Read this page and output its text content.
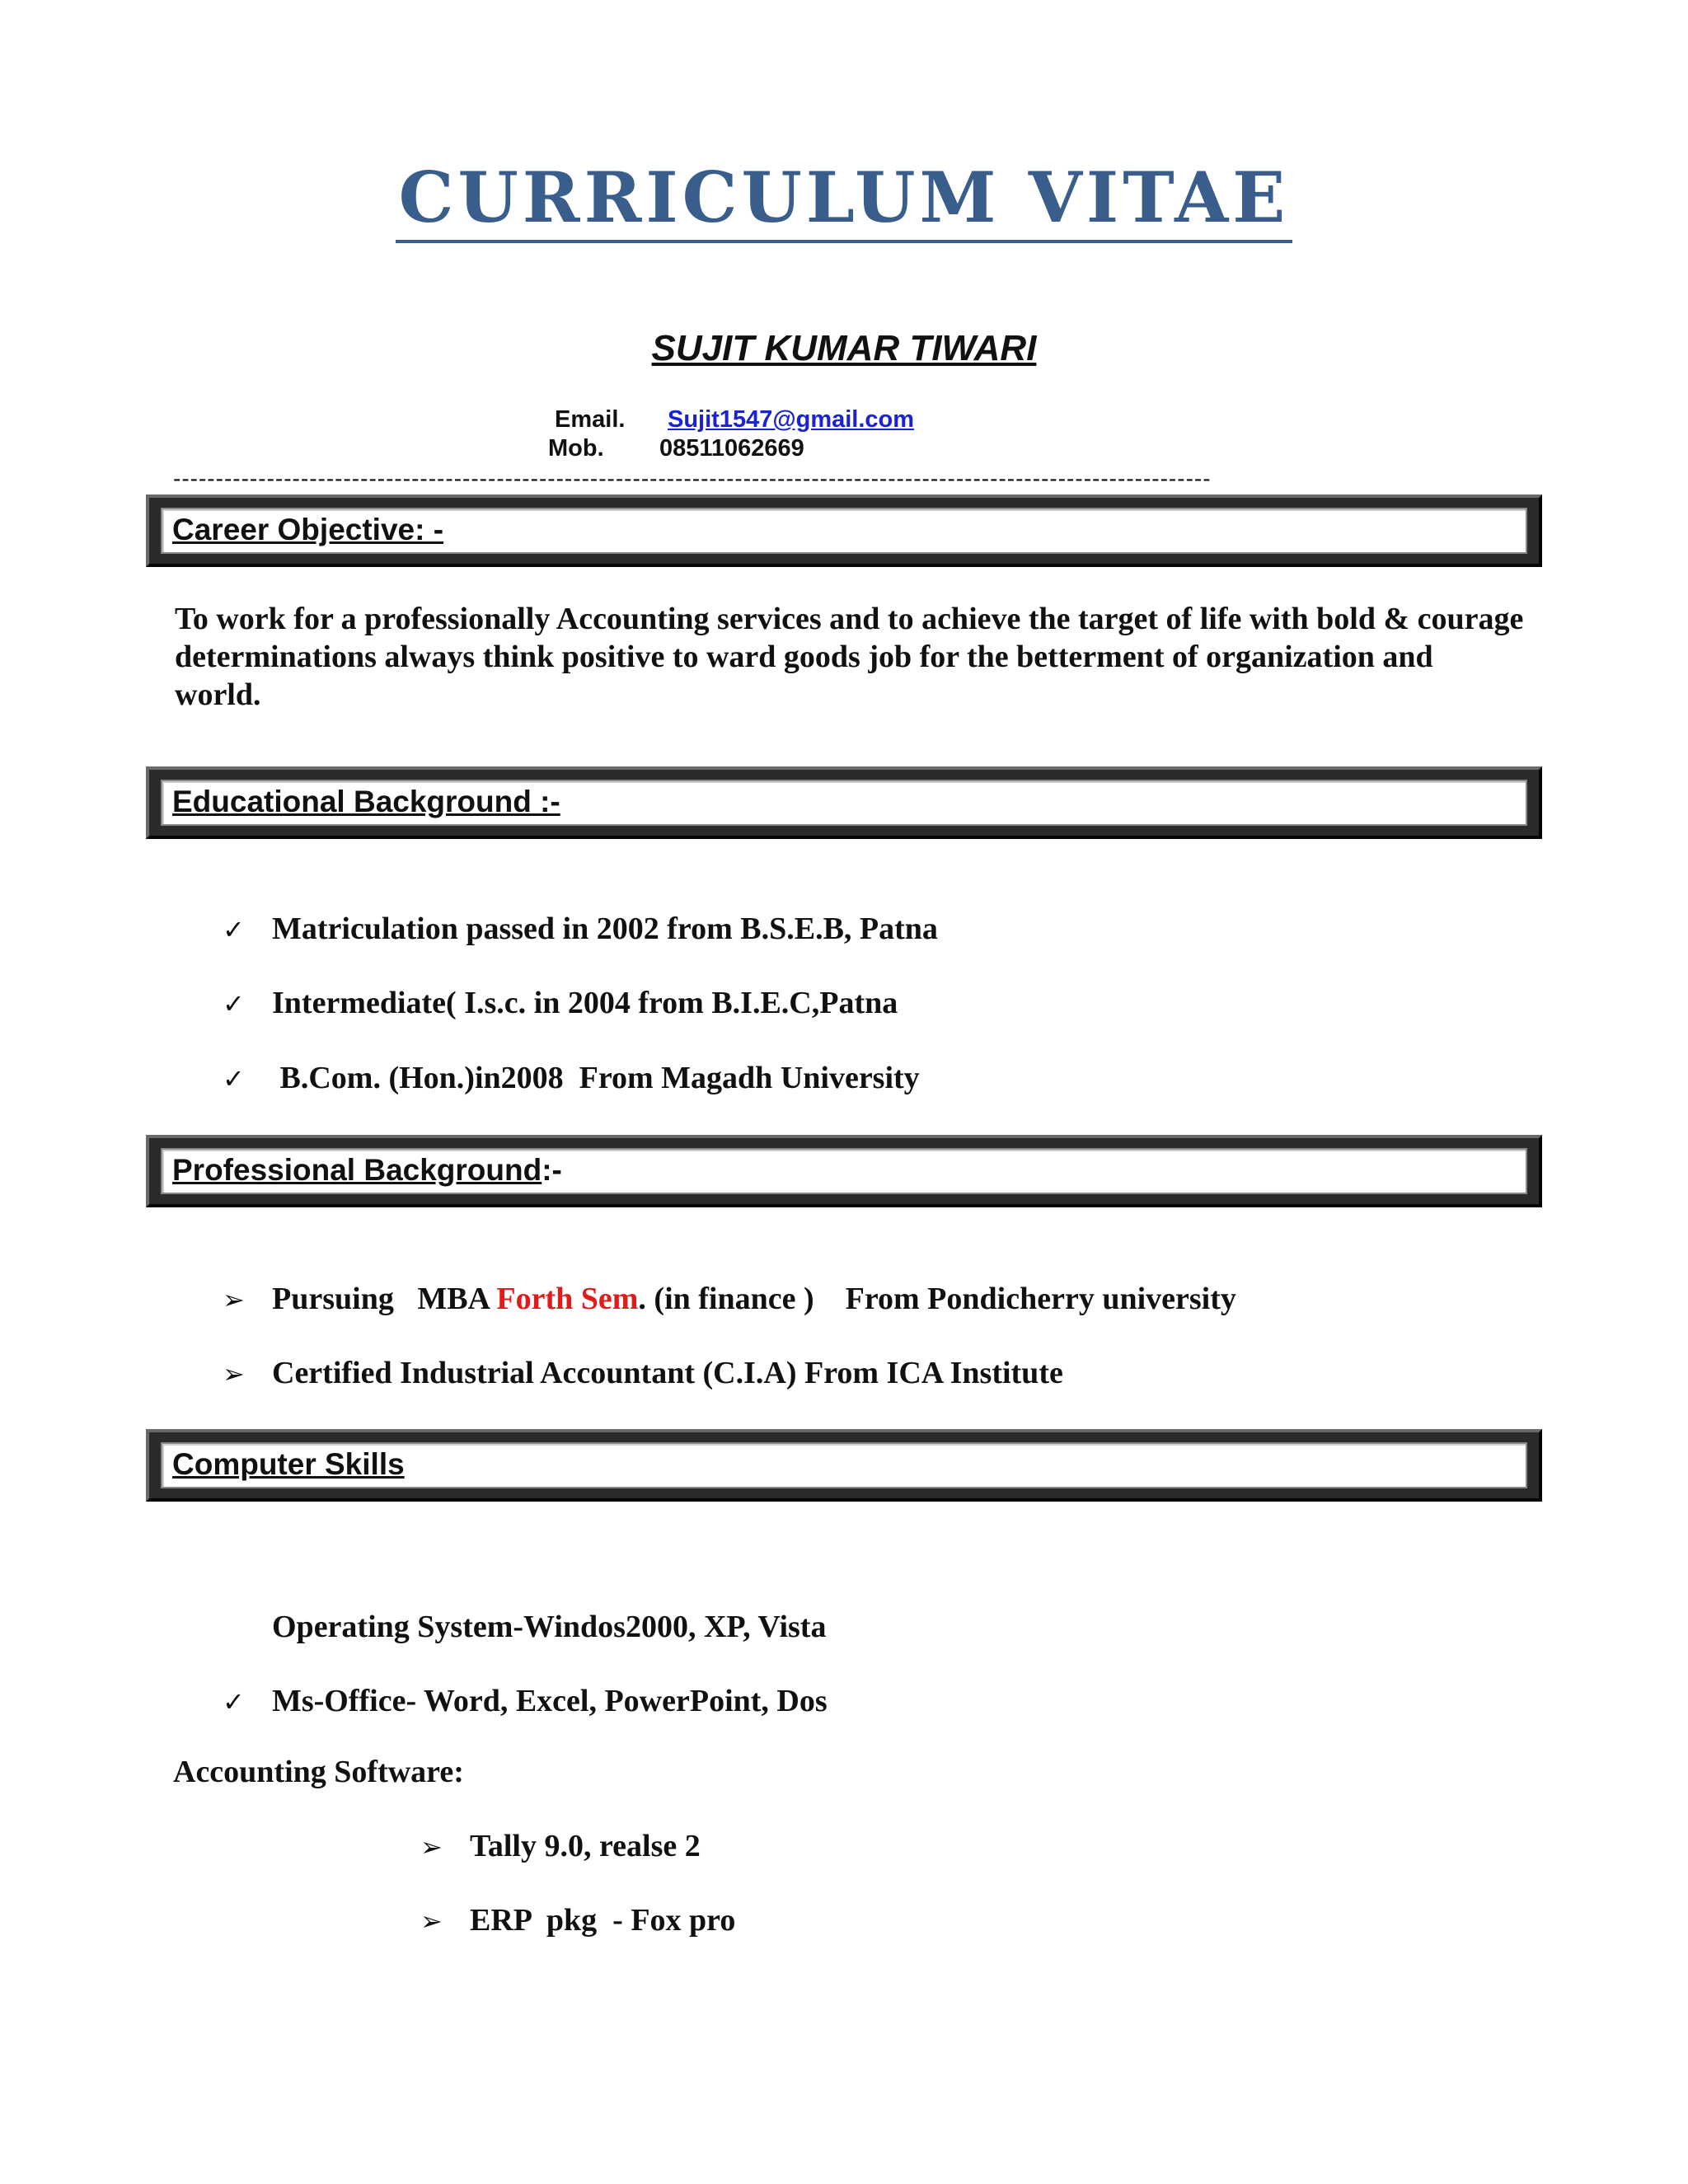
CURRICULUM VITAE
SUJIT KUMAR TIWARI
Email. Sujit1547@gmail.com
Mob. 08511062669
--------------------------------------------------------------------------------------------------------------------------
Career Objective: -
To work for a professionally Accounting services and to achieve the target of life with bold & courage determinations always think positive to ward goods job for the betterment of organization and world.
Educational Background :-
✓ Matriculation passed in 2002 from B.S.E.B, Patna
✓ Intermediate( I.s.c. in 2004 from B.I.E.C,Patna
✓ B.Com. (Hon.)in2008  From Magadh University
Professional Background:-
➢ Pursuing   MBA Forth Sem. (in finance )    From Pondicherry university
➢ Certified Industrial Accountant (C.I.A) From ICA Institute
Computer Skills
Operating System-Windos2000, XP, Vista
✓ Ms-Office- Word, Excel, PowerPoint, Dos
Accounting Software:
➢ Tally 9.0, realse 2
➢ ERP  pkg  - Fox pro
